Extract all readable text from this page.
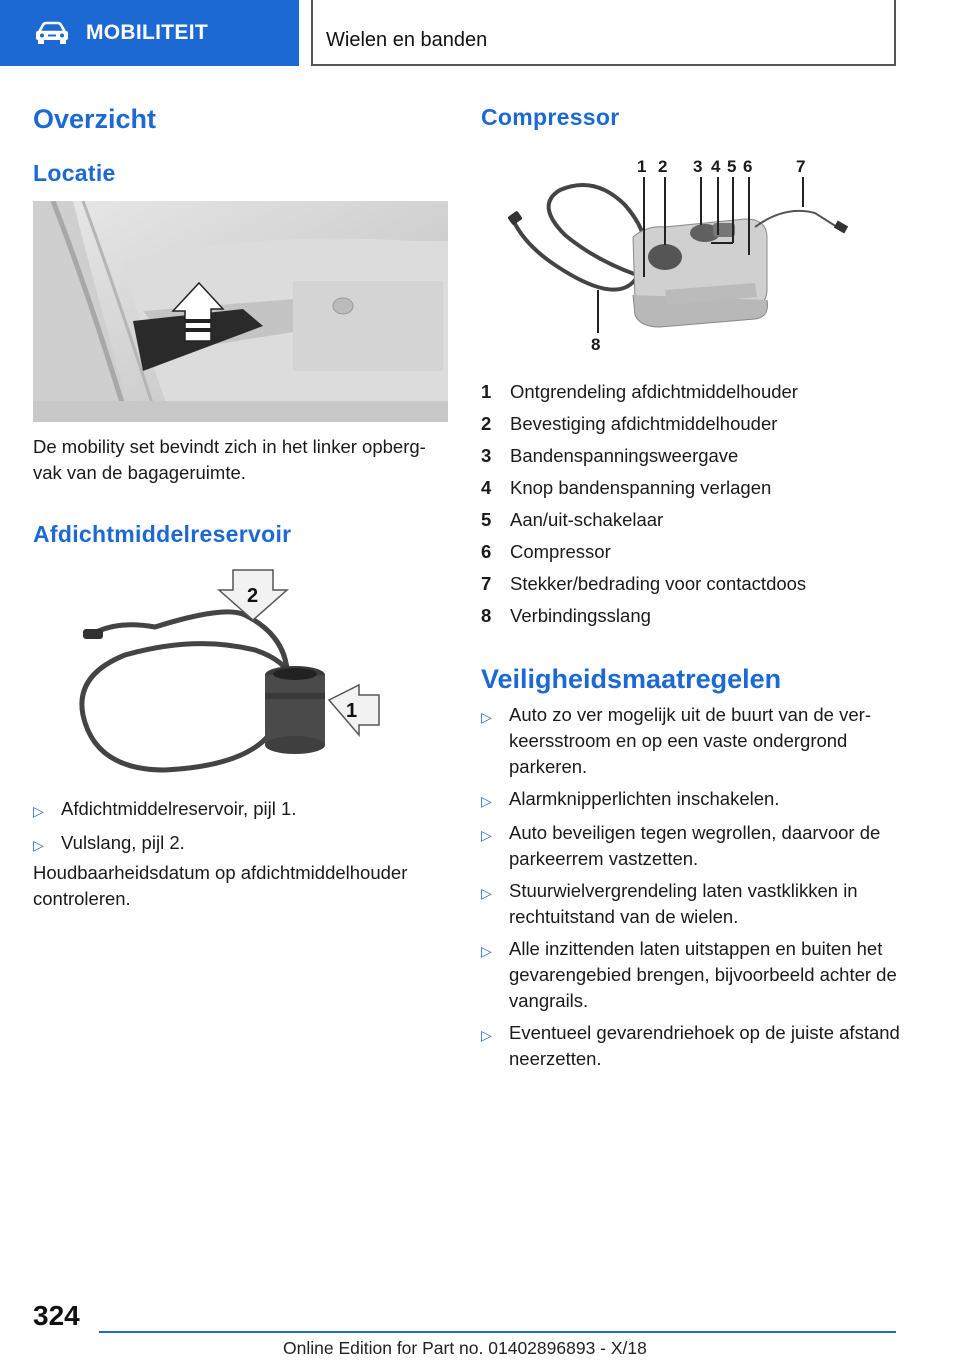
MOBILITEIT	Wielen en banden
Overzicht
Locatie
De mobility set bevindt zich in het linker opbergvak van de bagageruimte.
Afdichtmiddelreservoir
2
1
▷ Afdichtmiddelreservoir, pijl 1.
▷ Vulslang, pijl 2.
Houdbaarheidsdatum op afdichtmiddelhouder controleren.
Compressor
1 2 3 4 5 6	7
8
1	Ontgrendeling afdichtmiddelhouder
2	Bevestiging afdichtmiddelhouder
3	Bandenspanningsweergave
4	Knop bandenspanning verlagen
5	Aan/uit-schakelaar
6	Compressor
7	Stekker/bedrading voor contactdoos
8	Verbindingsslang
Veiligheidsmaatregelen
▷ Auto zo ver mogelijk uit de buurt van de verkeersstroom en op een vaste ondergrond parkeren.
▷ Alarmknipperlichten inschakelen.
▷ Auto beveiligen tegen wegrollen, daarvoor de parkeerrem vastzetten.
▷ Stuurwielvergrendeling laten vastklikken in rechtuitstand van de wielen.
▷ Alle inzittenden laten uitstappen en buiten het gevarengebied brengen, bijvoorbeeld achter de vangrails.
▷ Eventueel gevarendriehoek op de juiste afstand neerzetten.
324
Online Edition for Part no. 01402896893 - X/18
